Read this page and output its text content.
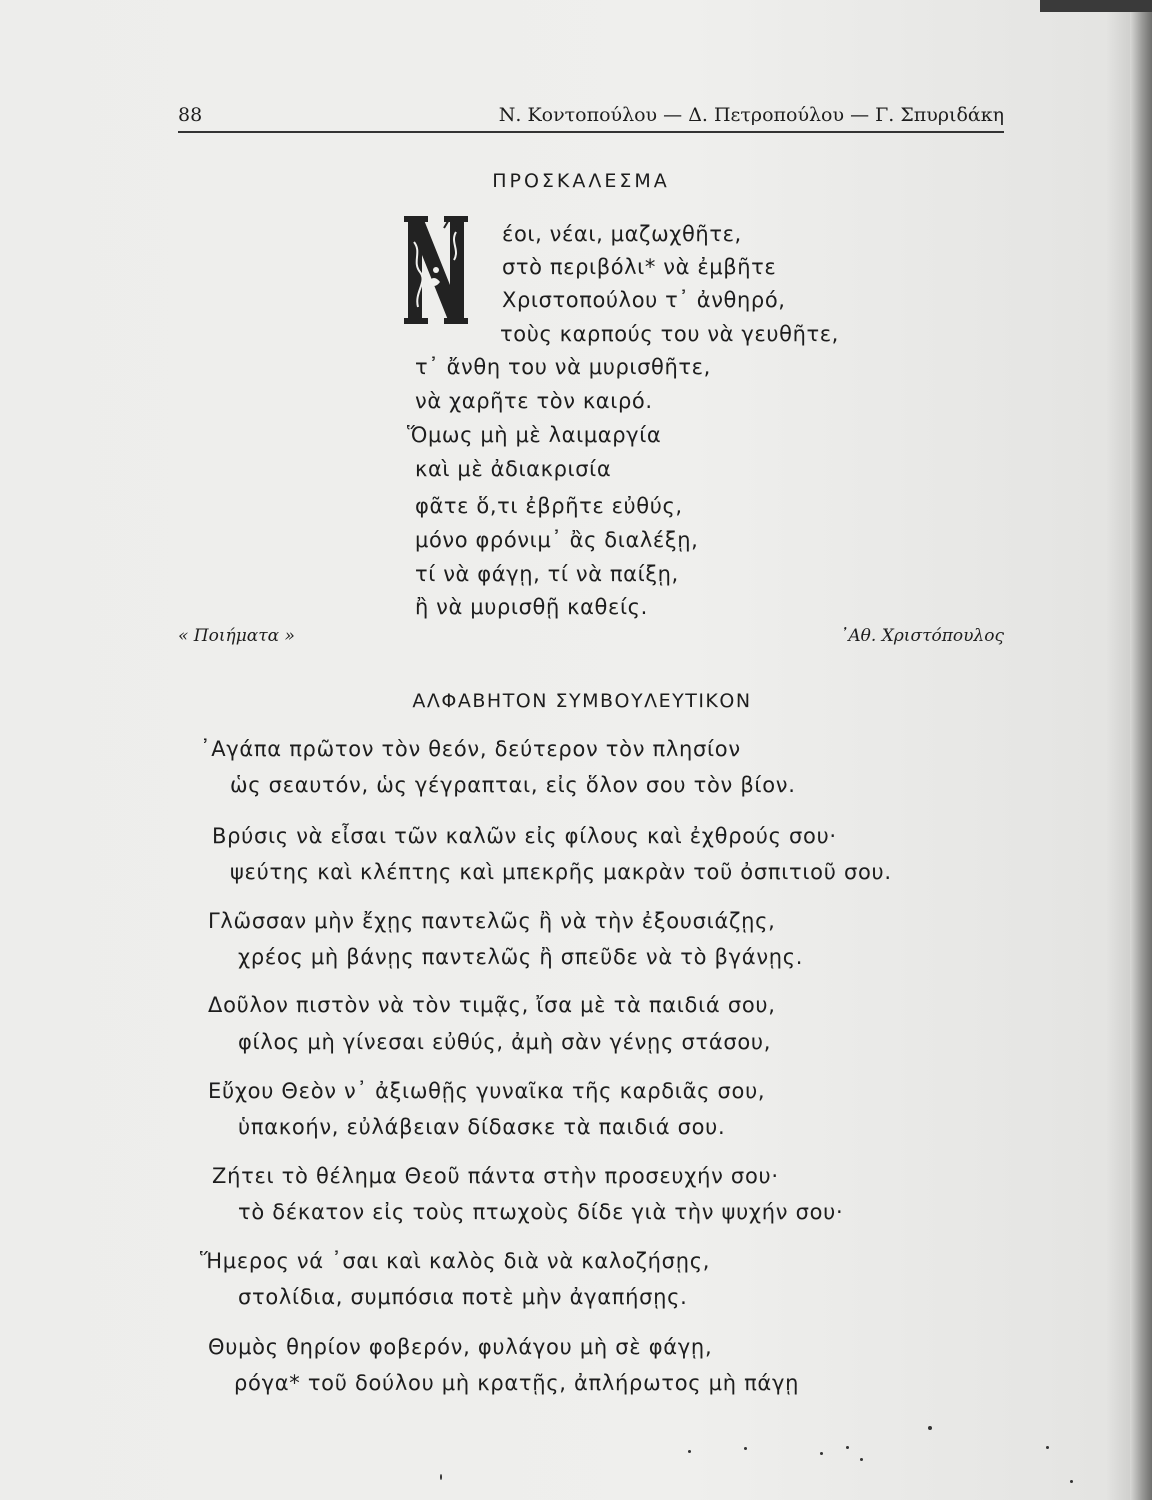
88	Ν. Κοντοπούλου — Δ. Πετροπούλου — Γ. Σπυριδάκη
ΠΡΟΣΚΑΛΕΣΜΑ
έοι, νέαι, μαζωχθῆτε,
στὸ περιβόλι* νὰ ἐμβῆτε
Χριστοπούλου τ᾽ ἀνθηρό,
τοὺς καρπούς του νὰ γευθῆτε,
τ᾽ ἄνθη του νὰ μυρισθῆτε,
νὰ χαρῆτε τὸν καιρό.
Ὅμως μὴ μὲ λαιμαργία
καὶ μὲ ἀδιακρισία
φᾶτε ὅ,τι ἐβρῆτε εὐθύς,
μόνο φρόνιμ᾽ ἂς διαλέξῃ,
τί νὰ φάγῃ, τί νὰ παίξῃ,
ἢ νὰ μυρισθῇ καθείς.
« Ποιήματα »	᾽Αθ. Χριστόπουλος
ΑΛΦΑΒΗΤΟΝ ΣΥΜΒΟΥΛΕΥΤΙΚΟΝ
᾽Αγάπα πρῶτον τὸν θεόν, δεύτερον τὸν πλησίον
ὡς σεαυτόν, ὡς γέγραπται, εἰς ὅλον σου τὸν βίον.
Βρύσις νὰ εἶσαι τῶν καλῶν εἰς φίλους καὶ ἐχθρούς σου·
ψεύτης καὶ κλέπτης καὶ μπεκρῆς μακρὰν τοῦ ὀσπιτιοῦ σου.
Γλῶσσαν μὴν ἔχῃς παντελῶς ἢ νὰ τὴν ἐξουσιάζῃς,
χρέος μὴ βάνῃς παντελῶς ἢ σπεῦδε νὰ τὸ βγάνῃς.
Δοῦλον πιστὸν νὰ τὸν τιμᾷς, ἴσα μὲ τὰ παιδιά σου,
φίλος μὴ γίνεσαι εὐθύς, ἀμὴ σὰν γένῃς στάσου,
Εὔχου Θεὸν ν᾽ ἀξιωθῇς γυναῖκα τῆς καρδιᾶς σου,
ὑπακοήν, εὐλάβειαν δίδασκε τὰ παιδιά σου.
Ζήτει τὸ θέλημα Θεοῦ πάντα στὴν προσευχήν σου·
τὸ δέκατον εἰς τοὺς πτωχοὺς δίδε γιὰ τὴν ψυχήν σου·
Ἥμερος νά ᾽σαι καὶ καλὸς διὰ νὰ καλοζήσῃς,
στολίδια, συμπόσια ποτὲ μὴν ἀγαπήσῃς.
Θυμὸς θηρίον φοβερόν, φυλάγου μὴ σὲ φάγῃ,
ρόγα* τοῦ δούλου μὴ κρατῇς, ἀπλήρωτος μὴ πάγῃ
